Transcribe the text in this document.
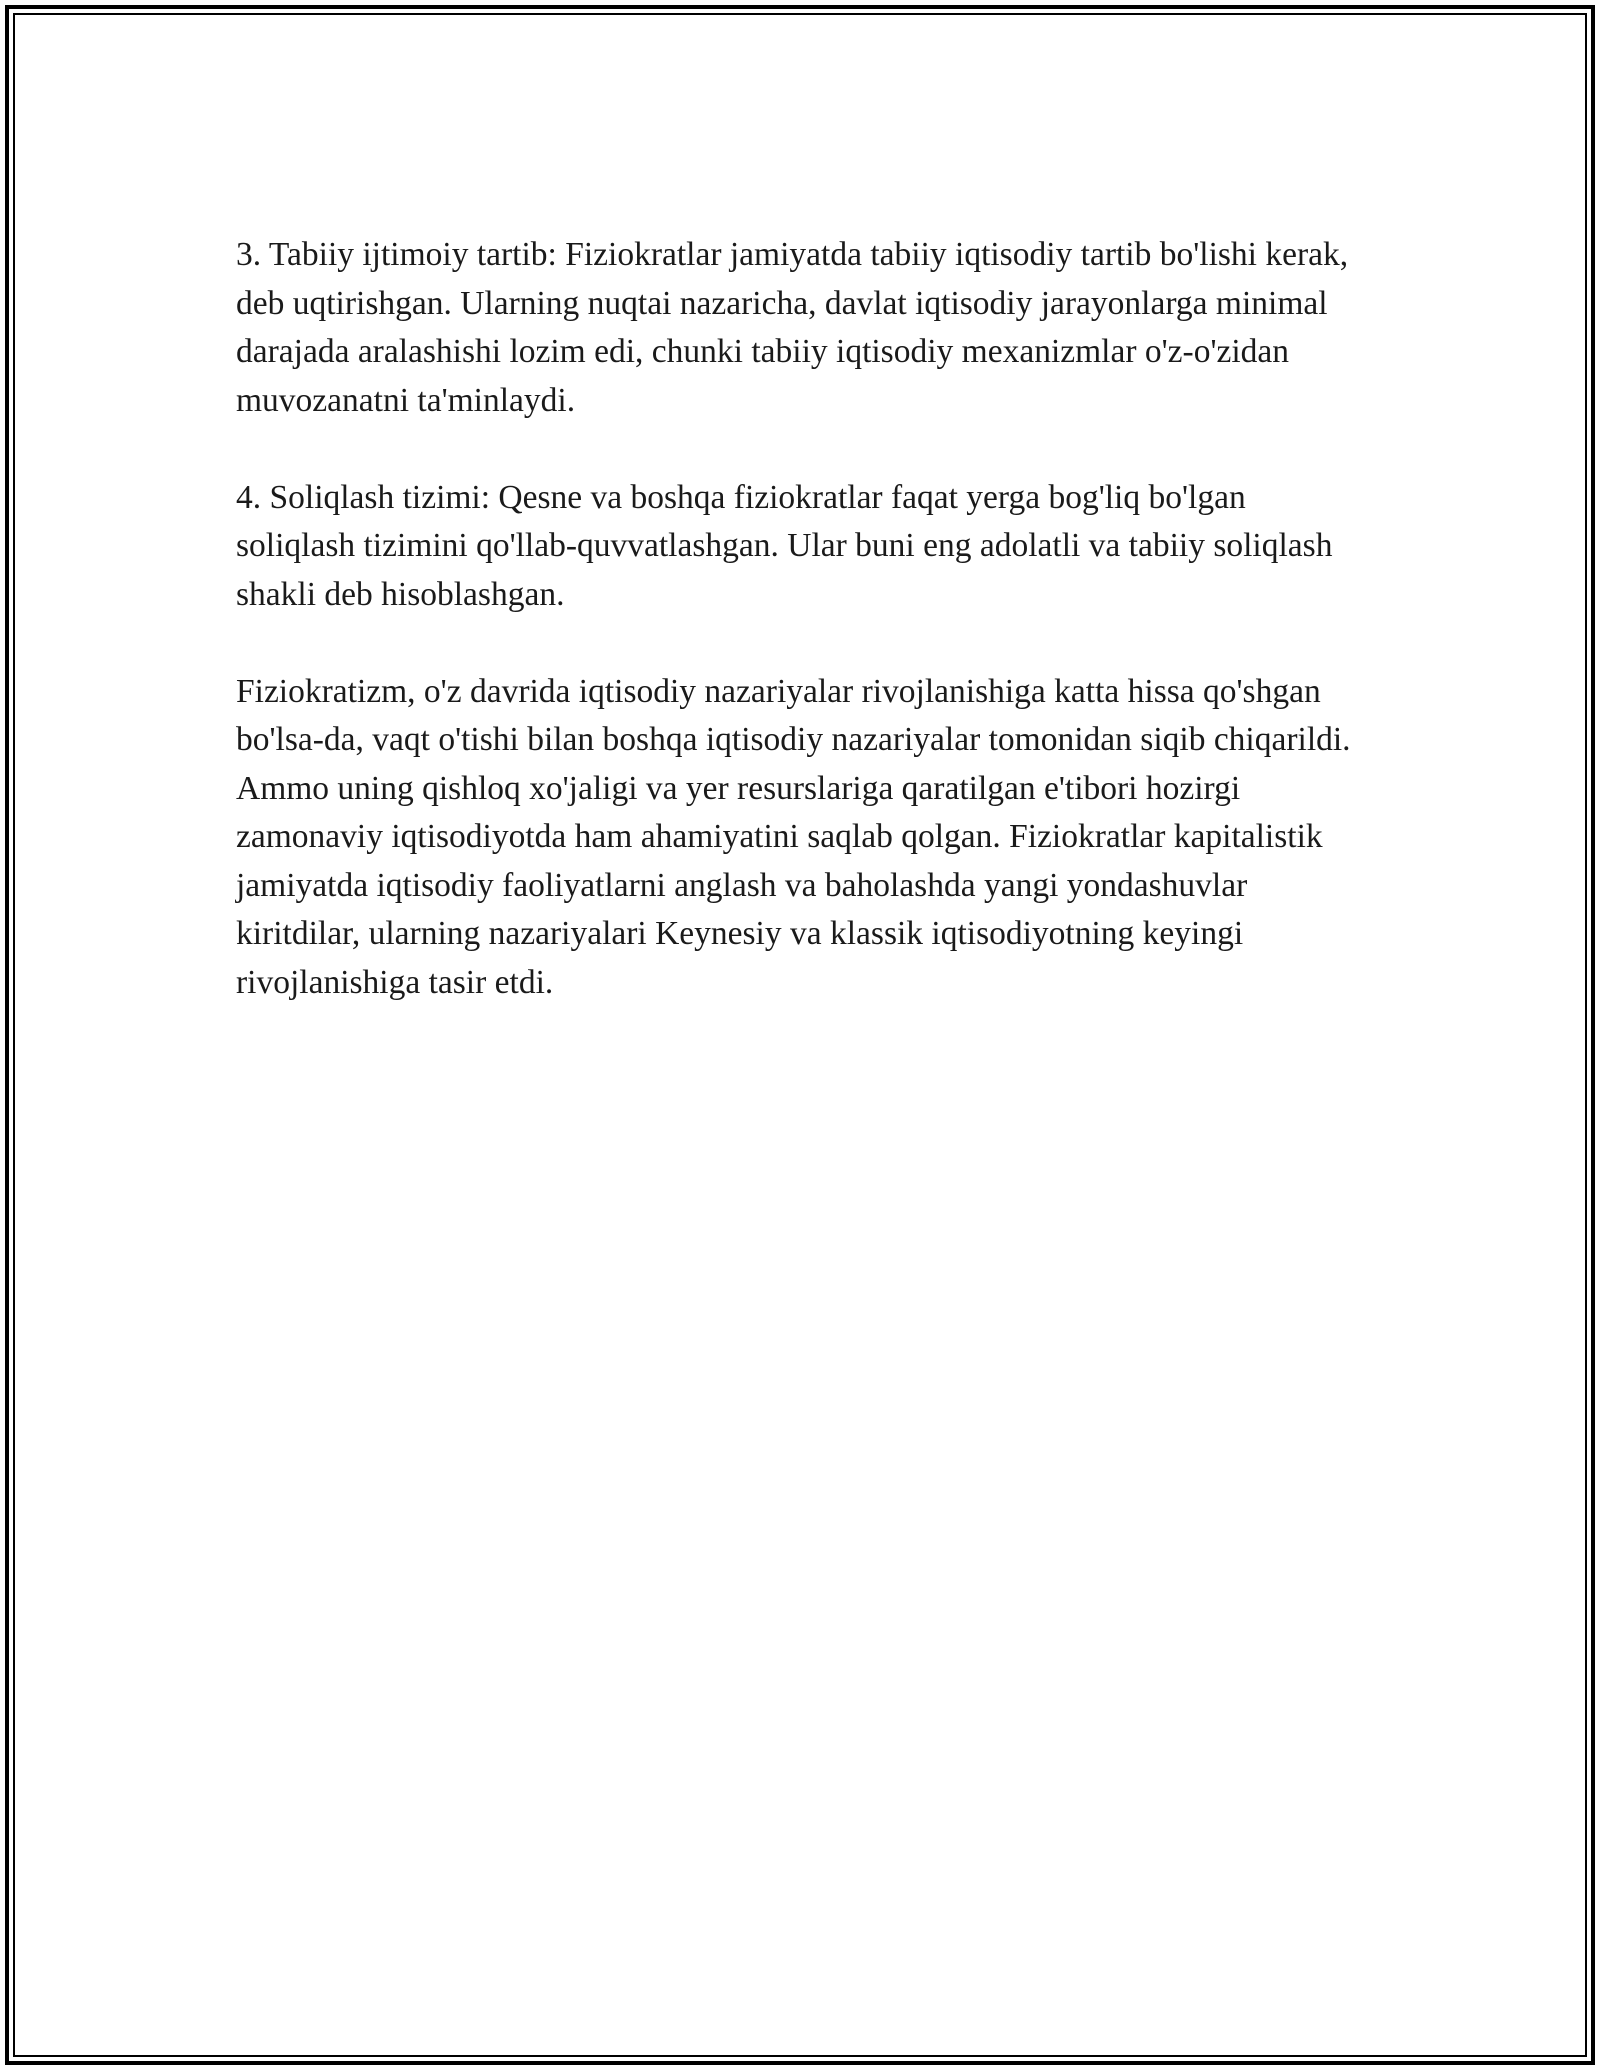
3. Tabiiy ijtimoiy tartib: Fiziokratlar jamiyatda tabiiy iqtisodiy tartib bo'lishi kerak, deb uqtirishgan. Ularning nuqtai nazaricha, davlat iqtisodiy jarayonlarga minimal darajada aralashishi lozim edi, chunki tabiiy iqtisodiy mexanizmlar o'z-o'zidan muvozanatni ta'minlaydi.

4. Soliqlash tizimi: Qesne va boshqa fiziokratlar faqat yerga bog'liq bo'lgan soliqlash tizimini qo'llab-quvvatlashgan. Ular buni eng adolatli va tabiiy soliqlash shakli deb hisoblashgan.

Fiziokratizm, o'z davrida iqtisodiy nazariyalar rivojlanishiga katta hissa qo'shgan bo'lsa-da, vaqt o'tishi bilan boshqa iqtisodiy nazariyalar tomonidan siqib chiqarildi. Ammo uning qishloq xo'jaligi va yer resurslariga qaratilgan e'tibori hozirgi zamonaviy iqtisodiyotda ham ahamiyatini saqlab qolgan. Fiziokratlar kapitalistik jamiyatda iqtisodiy faoliyatlarni anglash va baholashda yangi yondashuvlar kiritdilar, ularning nazariyalari Keynesiy va klassik iqtisodiyotning keyingi rivojlanishiga tasir etdi.
